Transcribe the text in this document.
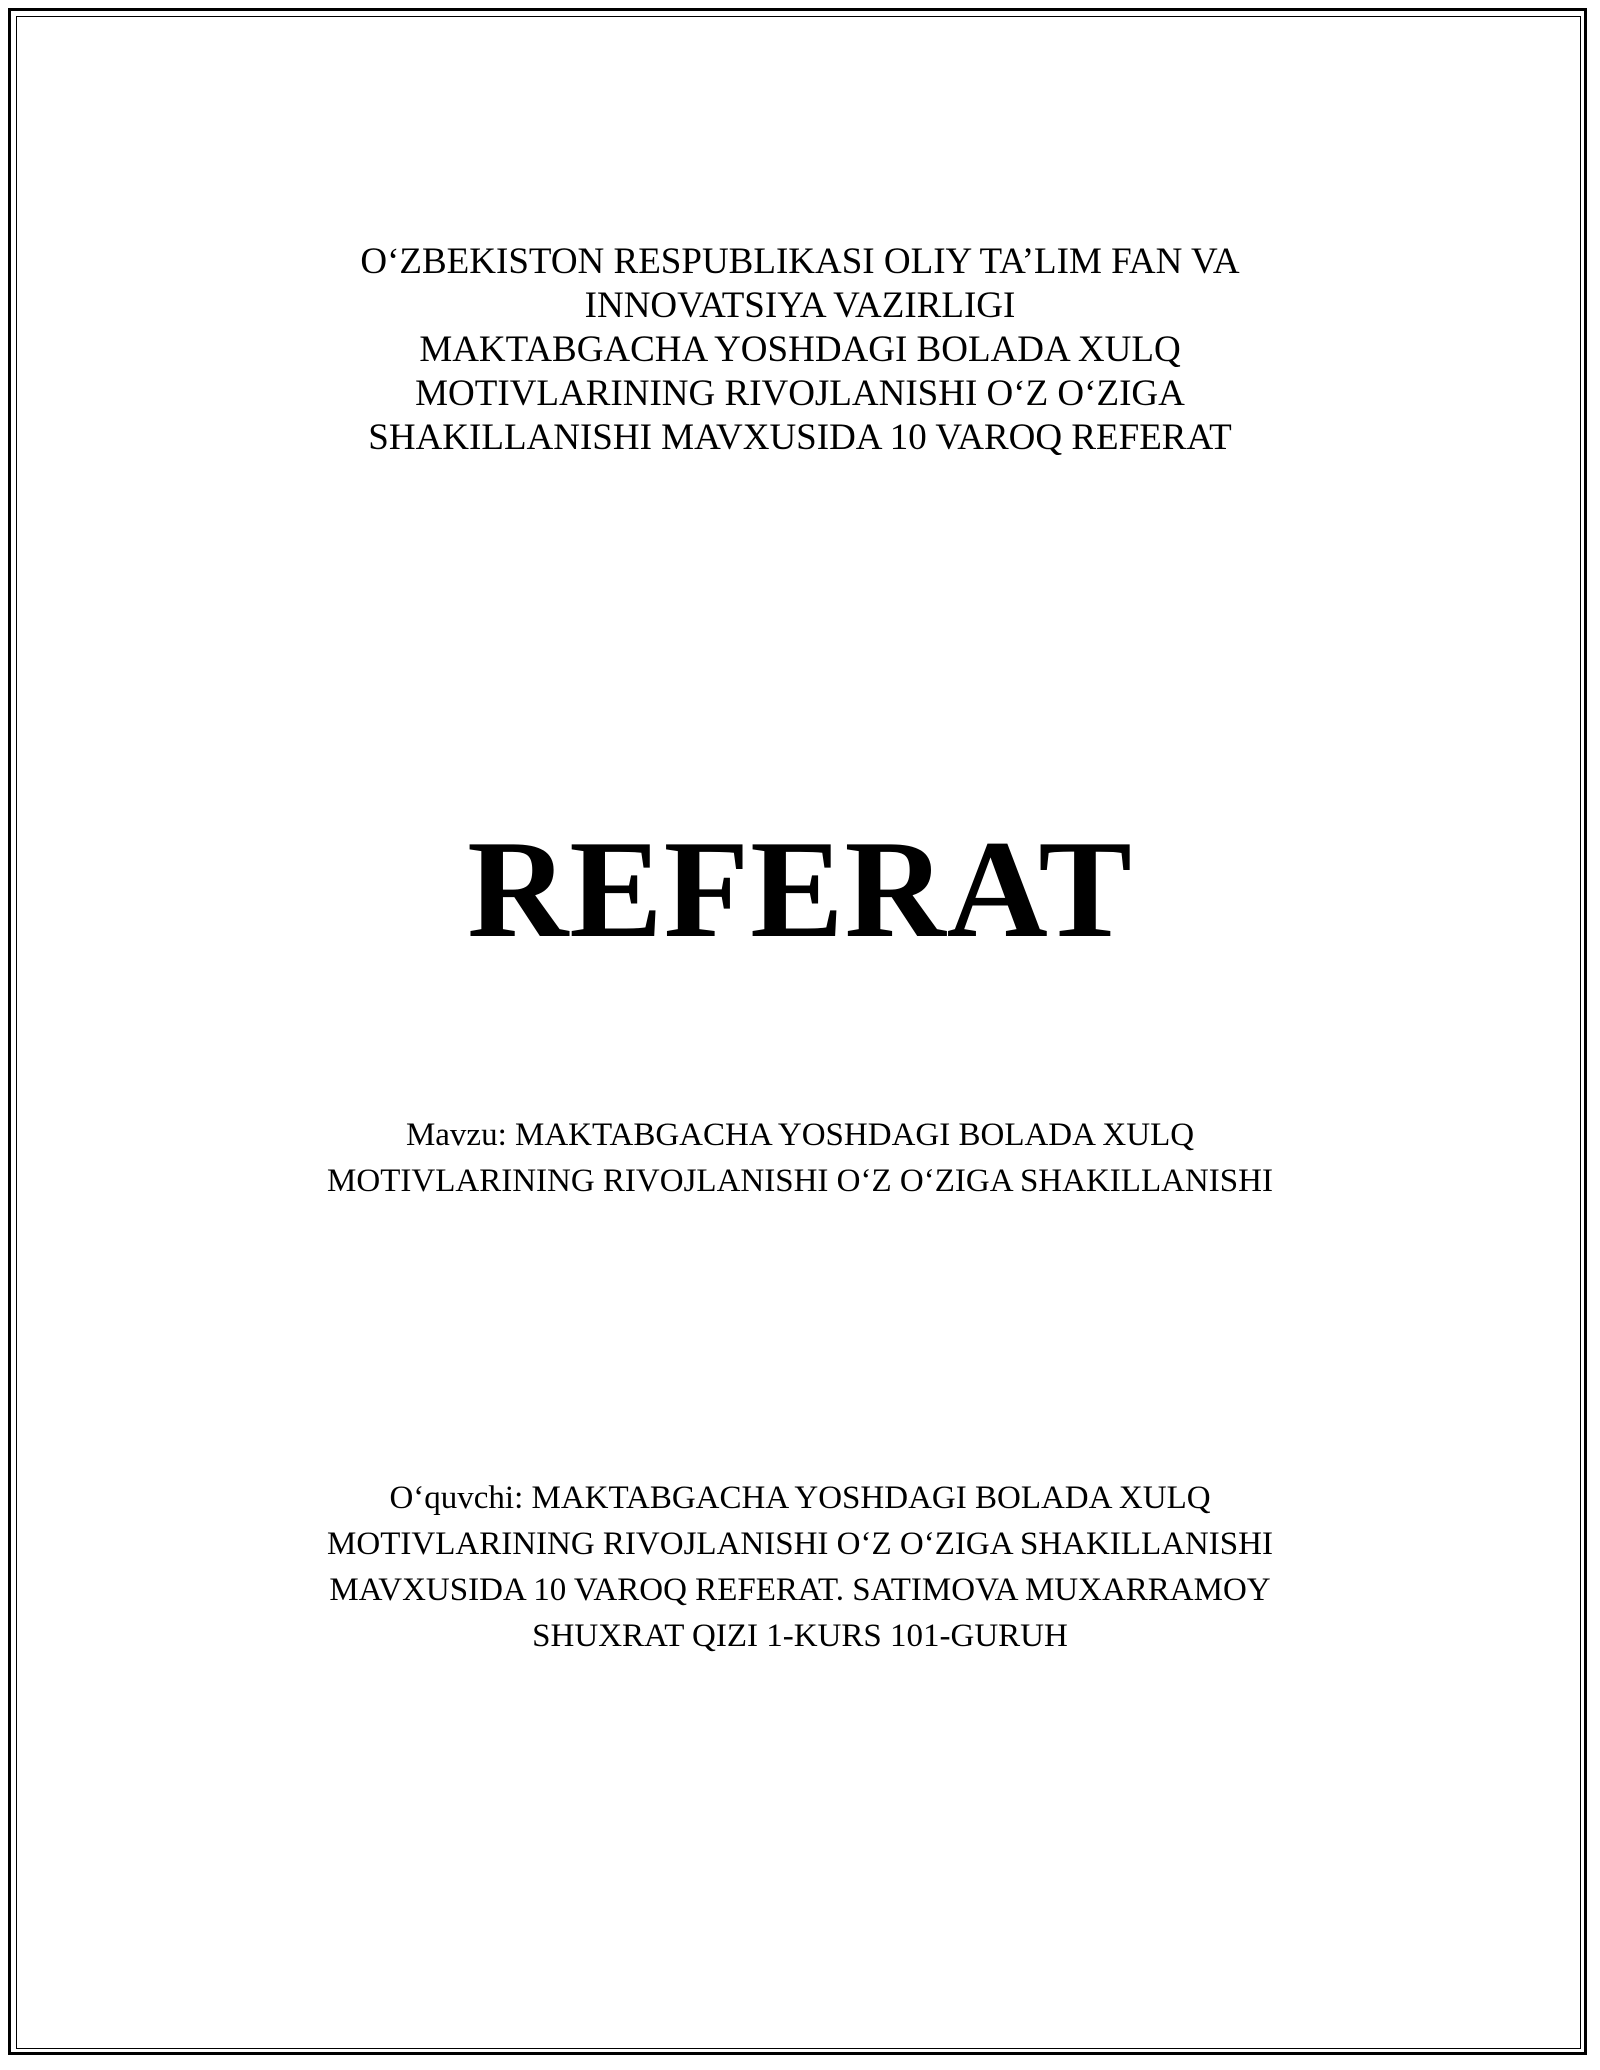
O‘ZBEKISTON RESPUBLIKASI OLIY TA’LIM FAN VA

INNOVATSIYA VAZIRLIGI

MAKTABGACHA YOSHDAGI BOLADA XULQ

MOTIVLARINING RIVOJLANISHI O‘Z O‘ZIGA

SHAKILLANISHI MAVXUSIDA 10 VAROQ REFERAT

REFERAT

Mavzu: MAKTABGACHA YOSHDAGI BOLADA XULQ

MOTIVLARINING RIVOJLANISHI O‘Z O‘ZIGA SHAKILLANISHI

O‘quvchi: MAKTABGACHA YOSHDAGI BOLADA XULQ

MOTIVLARINING RIVOJLANISHI O‘Z O‘ZIGA SHAKILLANISHI

MAVXUSIDA 10 VAROQ REFERAT. SATIMOVA MUXARRAMOY

SHUXRAT QIZI 1-KURS 101-GURUH
